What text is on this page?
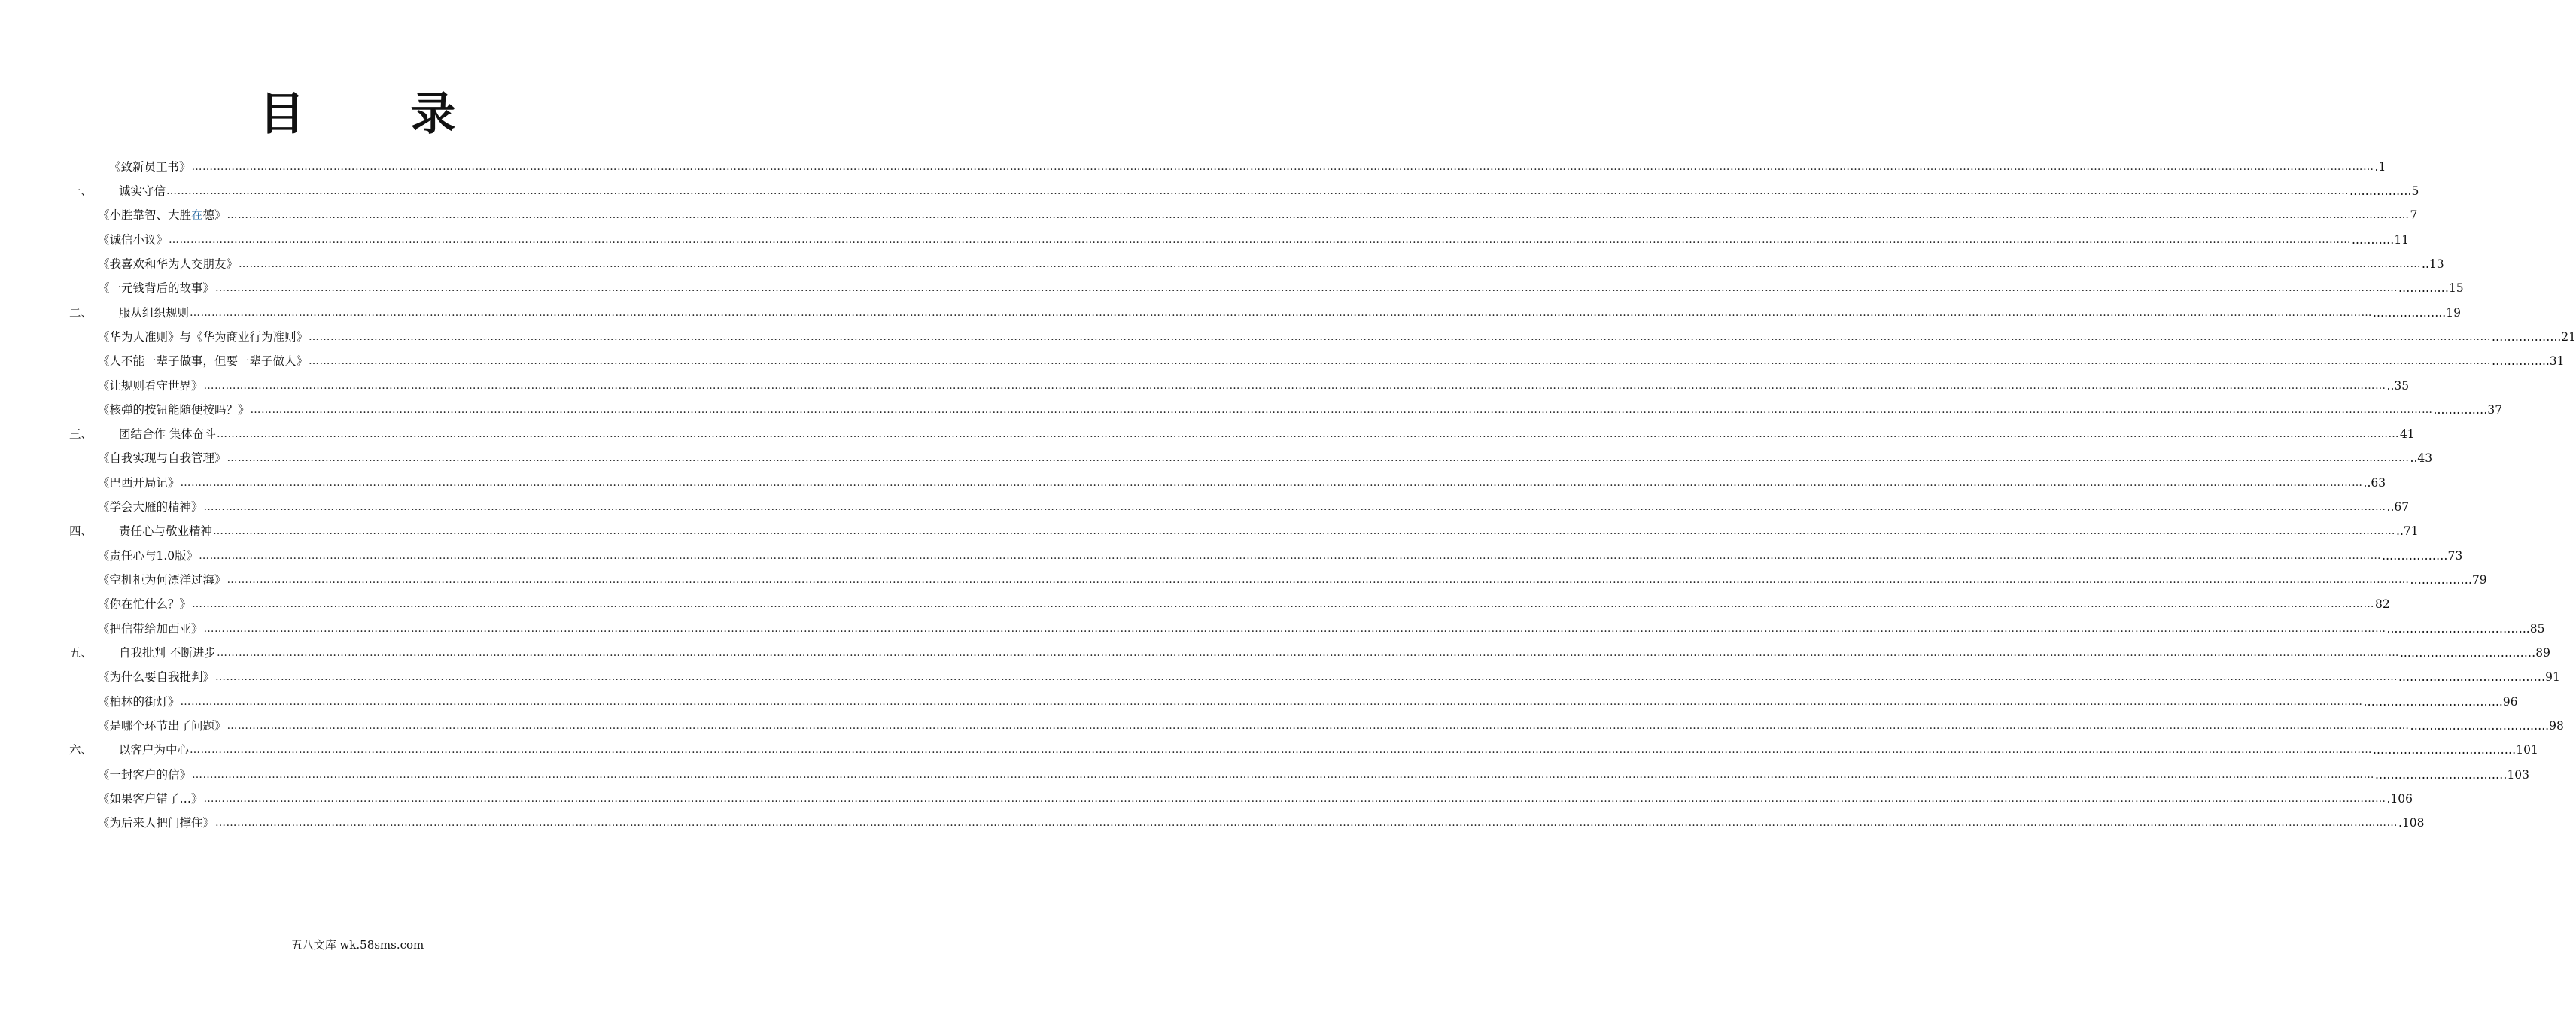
目 录
《致新员工书》 …………………………………………………………………………………………………………………………………………………………………………………………………………………………………………………………………………………………………………………………………………………………………………………………………………………………………………………………………………………………………………………………………………………… .1
一、 诚实守信 …………………………………………………………………………………………………………………………………………………………………………………………………………………………………………………………………………………………………………………………………………………………………………………………………………………………………………………………………………………………………………………………………………………… …………….5
《小胜靠智、大胜在德》 …………………………………………………………………………………………………………………………………………………………………………………………………………………………………………………………………………………………………………………………………………………………………………………………………………………………………………………………………………………………………………………………………………………… 7
《诚信小议》 …………………………………………………………………………………………………………………………………………………………………………………………………………………………………………………………………………………………………………………………………………………………………………………………………………………………………………………………………………………………………………………………………………………… ..………11
《我喜欢和华为人交朋友》 …………………………………………………………………………………………………………………………………………………………………………………………………………………………………………………………………………………………………………………………………………………………………………………………………………………………………………………………………………………………………………………………………………………… ..13
《一元钱背后的故事》 …………………………………………………………………………………………………………………………………………………………………………………………………………………………………………………………………………………………………………………………………………………………………………………………………………………………………………………………………………………………………………………………………………………… .…………15
二、 服从组织规则 …………………………………………………………………………………………………………………………………………………………………………………………………………………………………………………………………………………………………………………………………………………………………………………………………………………………………………………………………………………………………………………………………………………… ..……………..19
《华为人准则》与《华为商业行为准则》 …………………………………………………………………………………………………………………………………………………………………………………………………………………………………………………………………………………………………………………………………………………………………………………………………………………………………………………………………………………………………………………………………………………… .……………..21
《人不能一辈子做事，但要一辈子做人》 …………………………………………………………………………………………………………………………………………………………………………………………………………………………………………………………………………………………………………………………………………………………………………………………………………………………………………………………………………………………………………………………………………………… …………...31
《让规则看守世界》 …………………………………………………………………………………………………………………………………………………………………………………………………………………………………………………………………………………………………………………………………………………………………………………………………………………………………………………………………………………………………………………………………………………… ..35
《核弹的按钮能随便按吗？》 …………………………………………………………………………………………………………………………………………………………………………………………………………………………………………………………………………………………………………………………………………………………………………………………………………………………………………………………………………………………………………………………………………………… ..…………37
三、 团结合作 集体奋斗 …………………………………………………………………………………………………………………………………………………………………………………………………………………………………………………………………………………………………………………………………………………………………………………………………………………………………………………………………………………………………………………………………………………… 41
《自我实现与自我管理》 …………………………………………………………………………………………………………………………………………………………………………………………………………………………………………………………………………………………………………………………………………………………………………………………………………………………………………………………………………………………………………………………………………………… ..43
《巴西开局记》 …………………………………………………………………………………………………………………………………………………………………………………………………………………………………………………………………………………………………………………………………………………………………………………………………………………………………………………………………………………………………………………………………………………… ..63
《学会大雁的精神》 …………………………………………………………………………………………………………………………………………………………………………………………………………………………………………………………………………………………………………………………………………………………………………………………………………………………………………………………………………………………………………………………………………………… ..67
四、 责任心与敬业精神 …………………………………………………………………………………………………………………………………………………………………………………………………………………………………………………………………………………………………………………………………………………………………………………………………………………………………………………………………………………………………………………………………………………… ..71
《责任心与1.0版》 …………………………………………………………………………………………………………………………………………………………………………………………………………………………………………………………………………………………………………………………………………………………………………………………………………………………………………………………………………………………………………………………………………………… ..……………73
《空机柜为何漂洋过海》 …………………………………………………………………………………………………………………………………………………………………………………………………………………………………………………………………………………………………………………………………………………………………………………………………………………………………………………………………………………………………………………………………………………… .……………79
《你在忙什么？》 …………………………………………………………………………………………………………………………………………………………………………………………………………………………………………………………………………………………………………………………………………………………………………………………………………………………………………………………………………………………………………………………………………………… 82
《把信带给加西亚》 …………………………………………………………………………………………………………………………………………………………………………………………………………………………………………………………………………………………………………………………………………………………………………………………………………………………………………………………………………………………………………………………………………………… ..……………………………..85
五、 自我批判 不断进步 …………………………………………………………………………………………………………………………………………………………………………………………………………………………………………………………………………………………………………………………………………………………………………………………………………………………………………………………………………………………………………………………………………………… ..……………………………89
《为什么要自我批判》 …………………………………………………………………………………………………………………………………………………………………………………………………………………………………………………………………………………………………………………………………………………………………………………………………………………………………………………………………………………………………………………………………………………… ..…………...…………………91
《柏林的街灯》 …………………………………………………………………………………………………………………………………………………………………………………………………………………………………………………………………………………………………………………………………………………………………………………………………………………………………………………………………………………………………………………………………………………… .……………………………..96
《是哪个环节出了问题》 …………………………………………………………………………………………………………………………………………………………………………………………………………………………………………………………………………………………………………………………………………………………………………………………………………………………………………………………………………………………………………………………………………………… ……...……………………...98
六、 以客户为中心 …………………………………………………………………………………………………………………………………………………………………………………………………………………………………………………………………………………………………………………………………………………………………………………………………………………………………………………………………………………………………………………………………………………… ..…………..…………………101
《一封客户的信》 …………………………………………………………………………………………………………………………………………………………………………………………………………………………………………………………………………………………………………………………………………………………………………………………………………………………………………………………………………………………………………………………………………………… .……………………………103
《如果客户错了…》 …………………………………………………………………………………………………………………………………………………………………………………………………………………………………………………………………………………………………………………………………………………………………………………………………………………………………………………………………………………………………………………………………………………… .106
《为后来人把门撑住》 …………………………………………………………………………………………………………………………………………………………………………………………………………………………………………………………………………………………………………………………………………………………………………………………………………………………………………………………………………………………………………………………………………………… .108
五八文库 wk.58sms.com
